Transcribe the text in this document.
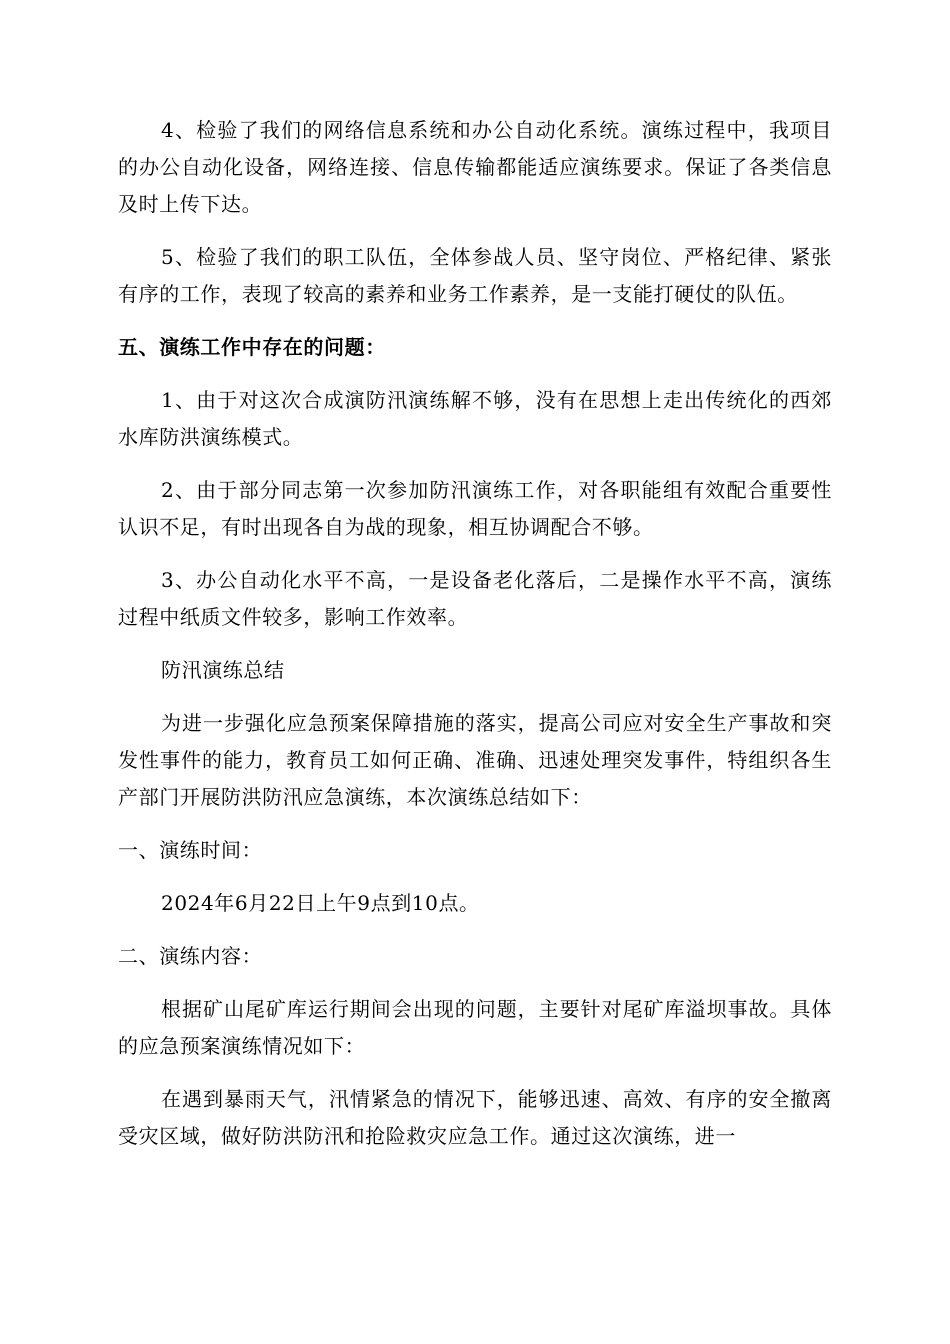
4、检验了我们的网络信息系统和办公自动化系统。演练过程中，我项目的办公自动化设备，网络连接、信息传输都能适应演练要求。保证了各类信息及时上传下达。

5、检验了我们的职工队伍，全体参战人员、坚守岗位、严格纪律、紧张有序的工作，表现了较高的素养和业务工作素养，是一支能打硬仗的队伍。

五、演练工作中存在的问题：

1、由于对这次合成演防汛演练解不够，没有在思想上走出传统化的西郊水库防洪演练模式。

2、由于部分同志第一次参加防汛演练工作，对各职能组有效配合重要性认识不足，有时出现各自为战的现象，相互协调配合不够。

3、办公自动化水平不高，一是设备老化落后，二是操作水平不高，演练过程中纸质文件较多，影响工作效率。

防汛演练总结

为进一步强化应急预案保障措施的落实，提高公司应对安全生产事故和突发性事件的能力，教育员工如何正确、准确、迅速处理突发事件，特组织各生产部门开展防洪防汛应急演练，本次演练总结如下：

一、演练时间：

2024年6月22日上午9点到10点。

二、演练内容：

根据矿山尾矿库运行期间会出现的问题，主要针对尾矿库溢坝事故。具体的应急预案演练情况如下：

在遇到暴雨天气，汛情紧急的情况下，能够迅速、高效、有序的安全撤离受灾区域，做好防洪防汛和抢险救灾应急工作。通过这次演练，进一
